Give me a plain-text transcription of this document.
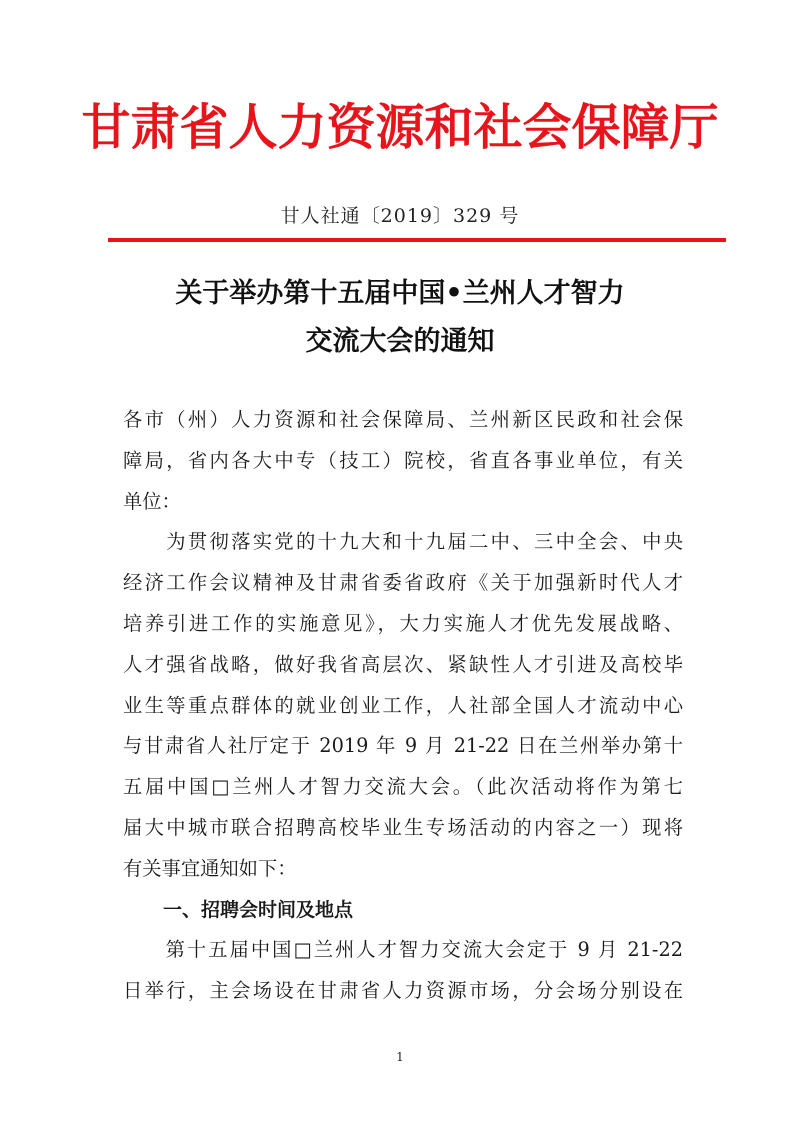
甘肃省人力资源和社会保障厅
甘人社通〔2019〕329 号
关于举办第十五届中国•兰州人才智力
交流大会的通知
各市（州）人力资源和社会保障局、兰州新区民政和社会保
障局，省内各大中专（技工）院校，省直各事业单位，有关
单位：
　　为贯彻落实党的十九大和十九届二中、三中全会、中央
经济工作会议精神及甘肃省委省政府《关于加强新时代人才
培养引进工作的实施意见》，大力实施人才优先发展战略、
人才强省战略，做好我省高层次、紧缺性人才引进及高校毕
业生等重点群体的就业创业工作，人社部全国人才流动中心
与甘肃省人社厅定于 2019 年 9 月 21-22 日在兰州举办第十
五届中国□兰州人才智力交流大会。（此次活动将作为第七
届大中城市联合招聘高校毕业生专场活动的内容之一）现将
有关事宜通知如下：
一、招聘会时间及地点
　　第十五届中国□兰州人才智力交流大会定于 9 月 21-22
日举行，主会场设在甘肃省人力资源市场，分会场分别设在
1
